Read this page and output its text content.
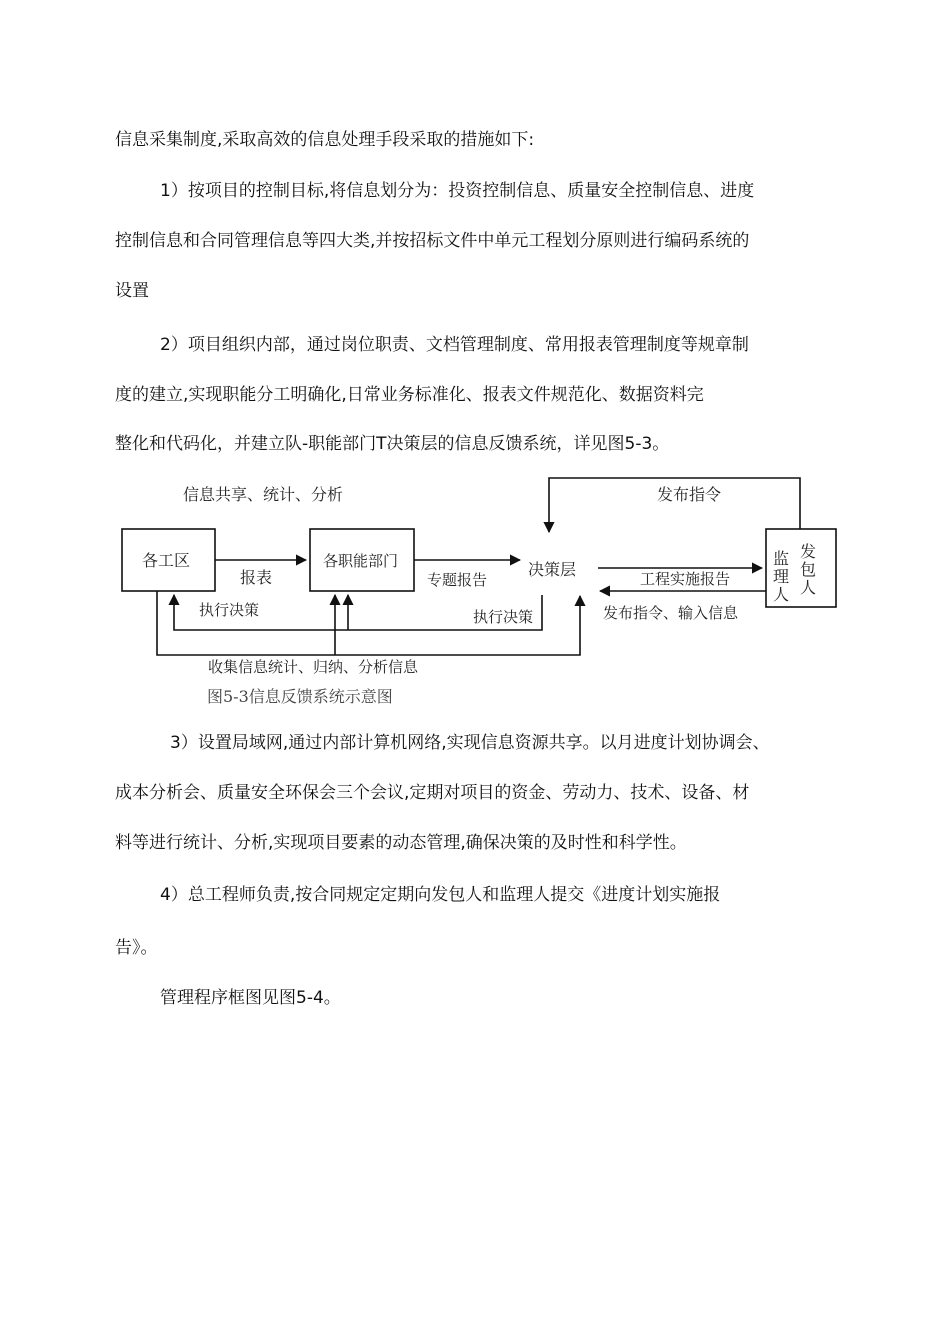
信息采集制度,采取高效的信息处理手段采取的措施如下:
1）按项目的控制目标,将信息划分为：投资控制信息、质量安全控制信息、进度
控制信息和合同管理信息等四大类,并按招标文件中单元工程划分原则进行编码系统的
设置
2）项目组织内部，通过岗位职责、文档管理制度、常用报表管理制度等规章制
度的建立,实现职能分工明确化,日常业务标准化、报表文件规范化、数据资料完
整化和代码化，并建立队-职能部门T决策层的信息反馈系统，详见图5-3。
信息共享、统计、分析	发布指令
各工区
报表
各职能部门
专题报告
决策层
执行决策	执行决策
工程实施报告
发布指令、输入信息
收集信息统计、归纳、分析信息
图5-3信息反馈系统示意图
监理人 发包人
3）设置局域网,通过内部计算机网络,实现信息资源共享。以月进度计划协调会、
成本分析会、质量安全环保会三个会议,定期对项目的资金、劳动力、技术、设备、材
料等进行统计、分析,实现项目要素的动态管理,确保决策的及时性和科学性。
4）总工程师负责,按合同规定定期向发包人和监理人提交《进度计划实施报
告》。
管理程序框图见图5-4。
